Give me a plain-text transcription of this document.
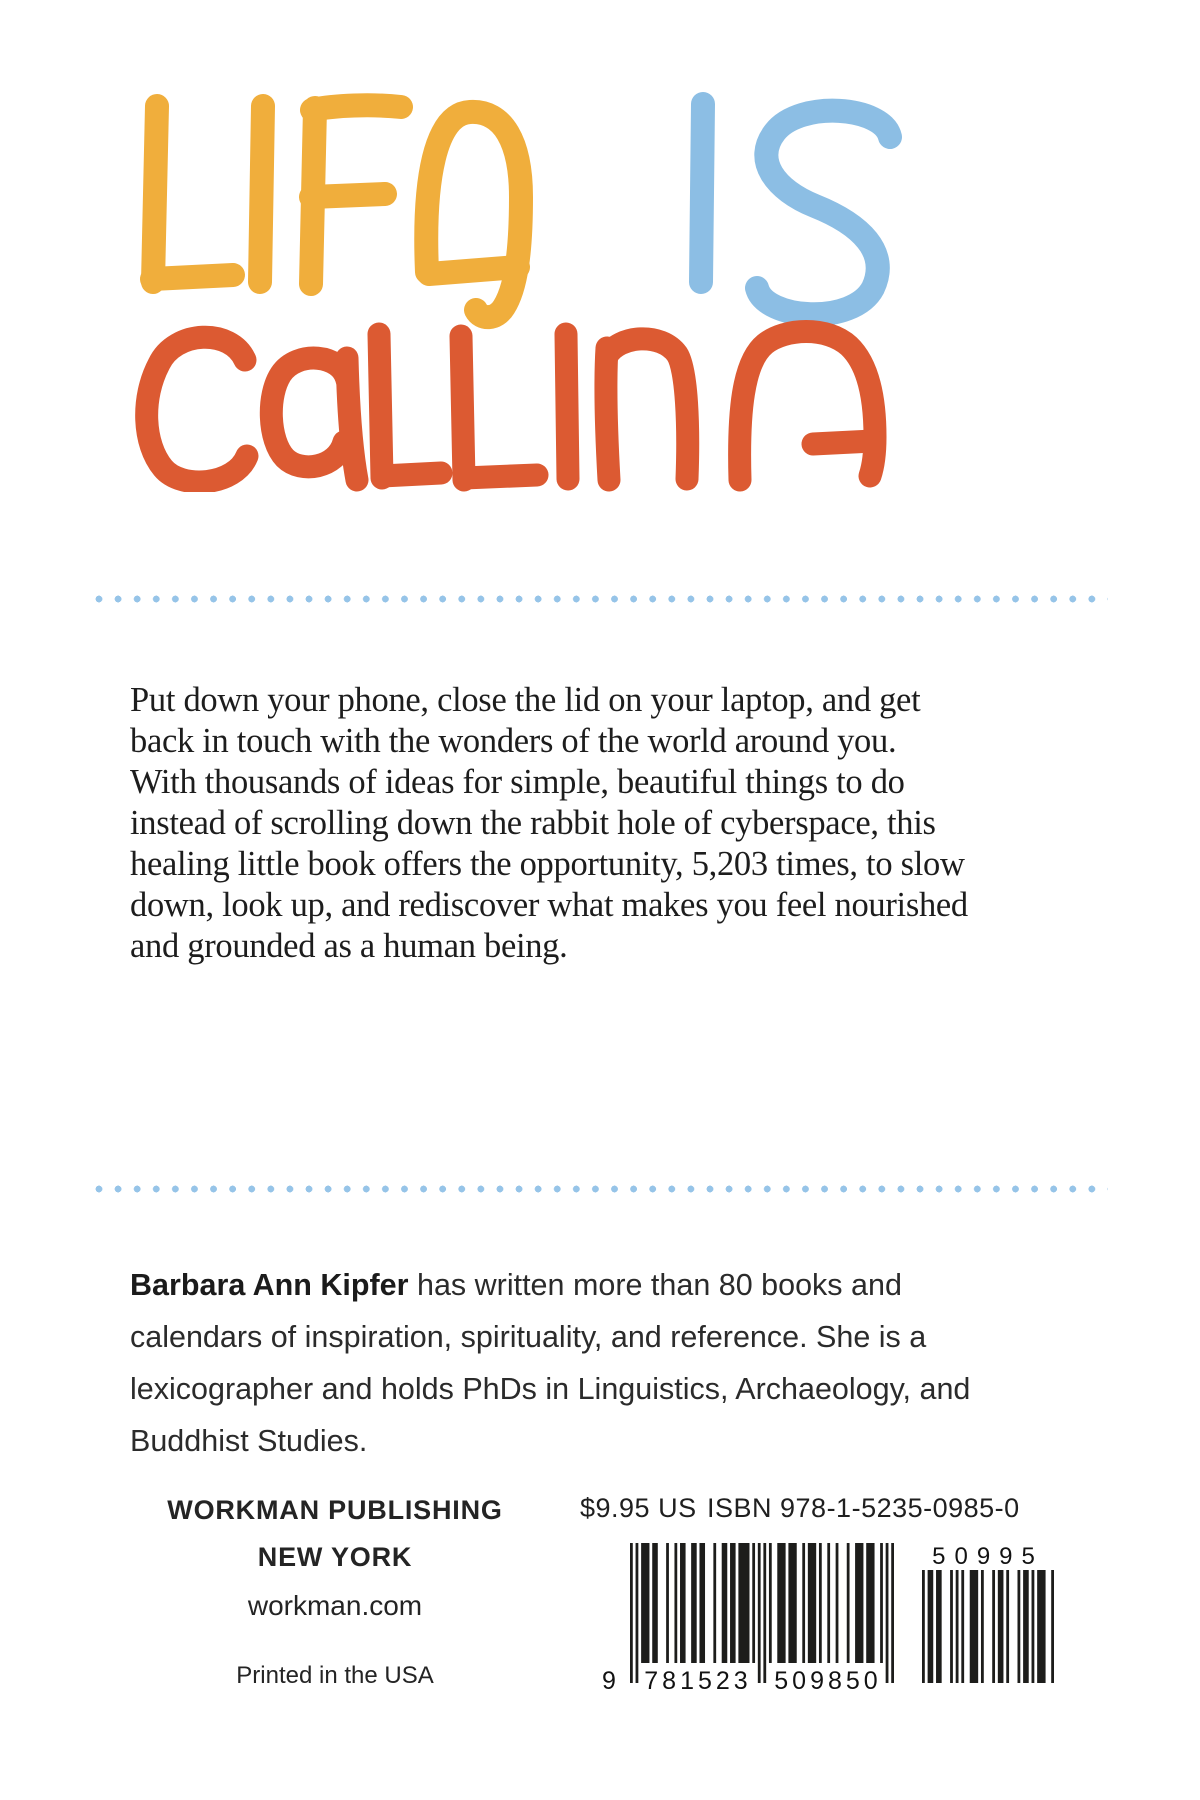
Put down your phone, close the lid on your laptop, and get back in touch with the wonders of the world around you. With thousands of ideas for simple, beautiful things to do instead of scrolling down the rabbit hole of cyberspace, this healing little book offers the opportunity, 5,203 times, to slow down, look up, and rediscover what makes you feel nourished and grounded as a human being.

Barbara Ann Kipfer has written more than 80 books and calendars of inspiration, spirituality, and reference. She is a lexicographer and holds PhDs in Linguistics, Archaeology, and Buddhist Studies.

WORKMAN PUBLISHING
NEW YORK
workman.com
Printed in the USA
$9.95 US ISBN 978-1-5235-0985-0
9 781523 509850
50995
